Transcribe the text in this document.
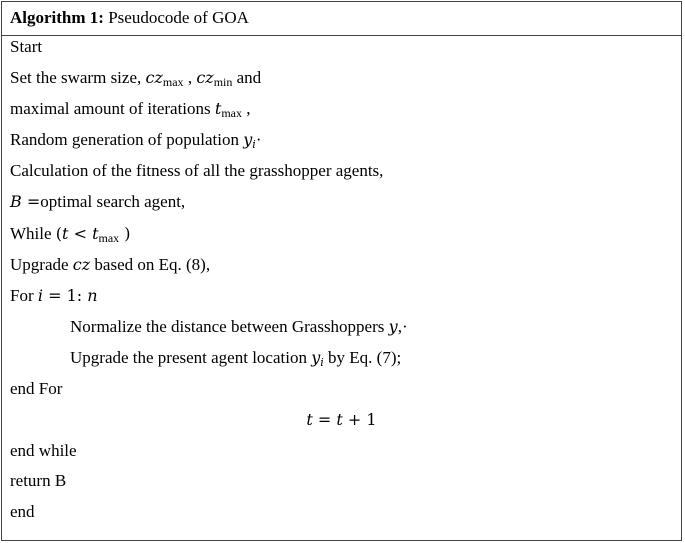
Algorithm 1: Pseudocode of GOA
Start
Set the swarm size, czmax , czmin and
maximal amount of iterations tmax ,
Random generation of population yi·
Calculation of the fitness of all the grasshopper agents,
B =optimal search agent,
While (t < tmax )
Upgrade cz based on Eq. (8),
For i = 1: n
Normalize the distance between Grasshoppers y,·
Upgrade the present agent location yi by Eq. (7);
end For
t = t + 1
end while
return B
end
